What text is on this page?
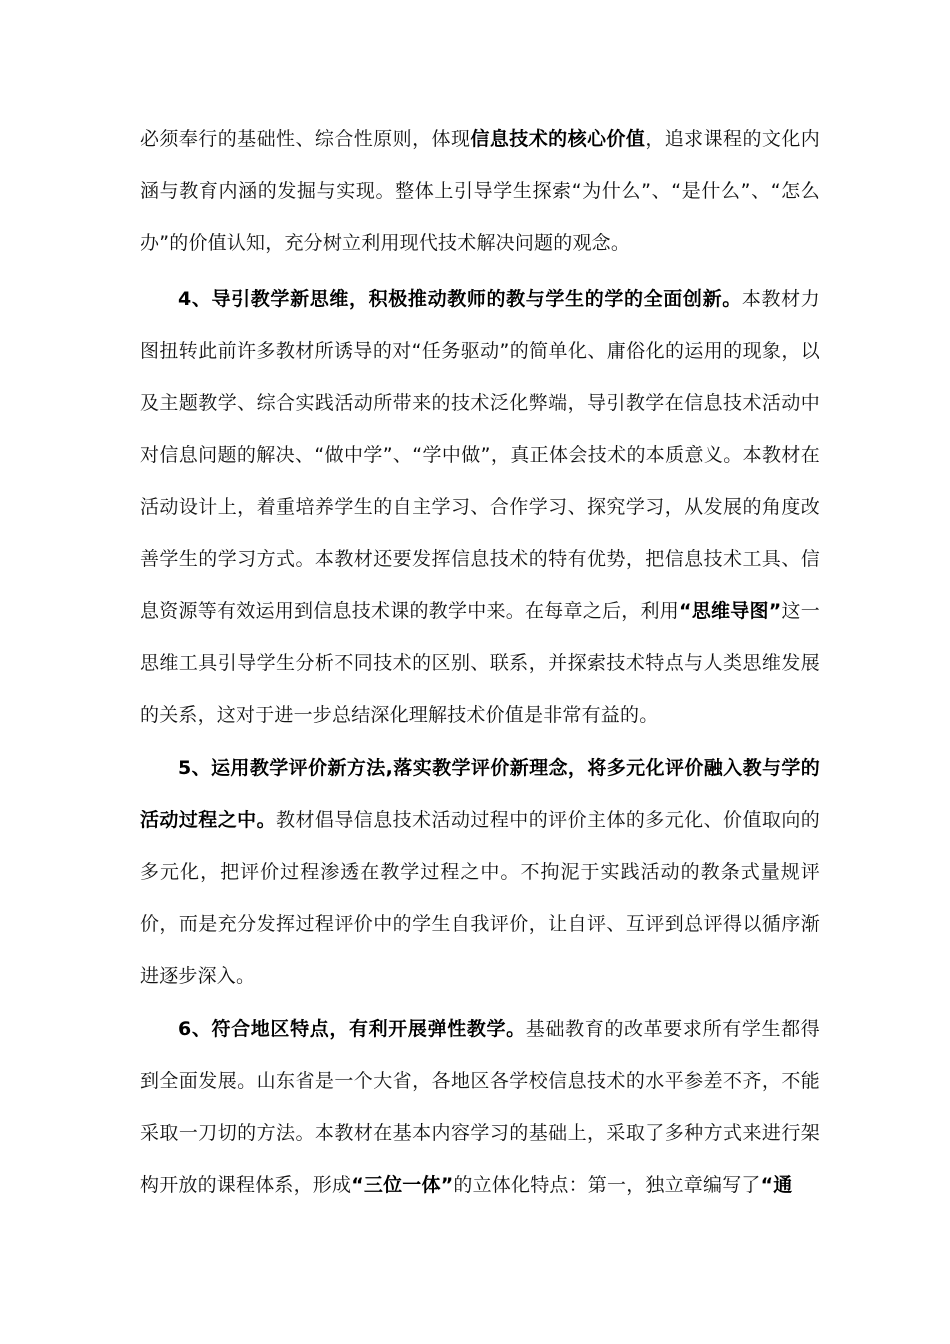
必须奉行的基础性、综合性原则，体现信息技术的核心价值，追求课程的文化内涵与教育内涵的发掘与实现。整体上引导学生探索“为什么”、“是什么”、“怎么办”的价值认知，充分树立利用现代技术解决问题的观念。

4、导引教学新思维，积极推动教师的教与学生的学的全面创新。本教材力图扭转此前许多教材所诱导的对“任务驱动”的简单化、庸俗化的运用的现象，以及主题教学、综合实践活动所带来的技术泛化弊端，导引教学在信息技术活动中对信息问题的解决、“做中学”、“学中做”，真正体会技术的本质意义。本教材在活动设计上，着重培养学生的自主学习、合作学习、探究学习，从发展的角度改善学生的学习方式。本教材还要发挥信息技术的特有优势，把信息技术工具、信息资源等有效运用到信息技术课的教学中来。在每章之后，利用“思维导图”这一思维工具引导学生分析不同技术的区别、联系，并探索技术特点与人类思维发展的关系，这对于进一步总结深化理解技术价值是非常有益的。

5、运用教学评价新方法,落实教学评价新理念，将多元化评价融入教与学的活动过程之中。教材倡导信息技术活动过程中的评价主体的多元化、价值取向的多元化，把评价过程渗透在教学过程之中。不拘泥于实践活动的教条式量规评价，而是充分发挥过程评价中的学生自我评价，让自评、互评到总评得以循序渐进逐步深入。

6、符合地区特点，有利开展弹性教学。基础教育的改革要求所有学生都得到全面发展。山东省是一个大省，各地区各学校信息技术的水平参差不齐，不能采取一刀切的方法。本教材在基本内容学习的基础上，采取了多种方式来进行架构开放的课程体系，形成“三位一体”的立体化特点：第一，独立章编写了“通
